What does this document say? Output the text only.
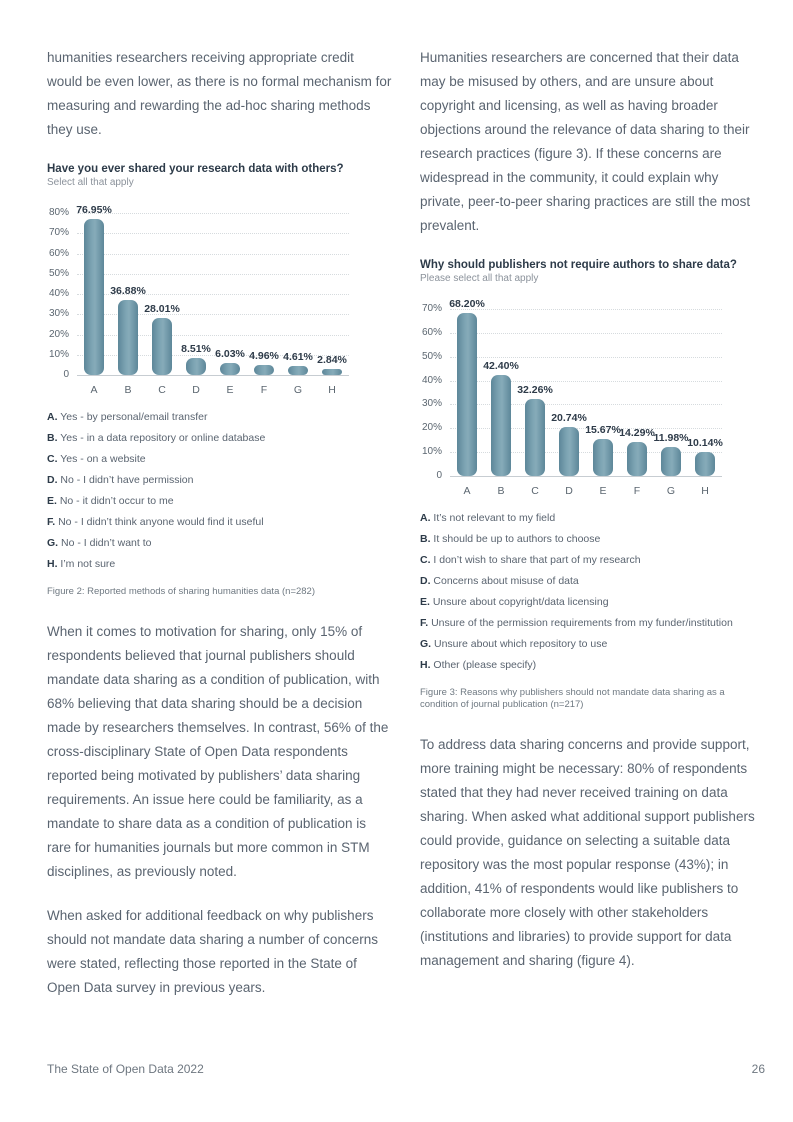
humanities researchers receiving appropriate credit would be even lower, as there is no formal mechanism for measuring and rewarding the ad-hoc sharing methods they use.

Have you ever shared your research data with others?
Select all that apply
76.95%
A
36.88%
B
28.01%
C
8.51%
D
6.03%
E
4.96%
F
4.61%
G
2.84%
H
0
10%
20%
30%
40%
50%
60%
70%
80%
A. Yes - by personal/email transfer
B. Yes - in a data repository or online database
C. Yes - on a website
D. No - I didn’t have permission
E. No - it didn’t occur to me
F. No - I didn’t think anyone would find it useful
G. No - I didn’t want to
H. I’m not sure
Figure 2: Reported methods of sharing humanities data (n=282)

When it comes to motivation for sharing, only 15% of respondents believed that journal publishers should mandate data sharing as a condition of publication, with 68% believing that data sharing should be a decision made by researchers themselves. In contrast, 56% of the cross-disciplinary State of Open Data respondents reported being motivated by publishers’ data sharing requirements. An issue here could be familiarity, as a mandate to share data as a condition of publication is rare for humanities journals but more common in STM disciplines, as previously noted.

When asked for additional feedback on why publishers should not mandate data sharing a number of concerns were stated, reflecting those reported in the State of Open Data survey in previous years.

Humanities researchers are concerned that their data may be misused by others, and are unsure about copyright and licensing, as well as having broader objections around the relevance of data sharing to their research practices (figure 3). If these concerns are widespread in the community, it could explain why private, peer-to-peer sharing practices are still the most prevalent.

Why should publishers not require authors to share data?
Please select all that apply
68.20%
A
42.40%
B
32.26%
C
20.74%
D
15.67%
E
14.29%
F
11.98%
G
10.14%
H
0
10%
20%
30%
40%
50%
60%
70%
A. It’s not relevant to my field
B. It should be up to authors to choose
C. I don’t wish to share that part of my research
D. Concerns about misuse of data
E. Unsure about copyright/data licensing
F. Unsure of the permission requirements from my funder/institution
G. Unsure about which repository to use
H. Other (please specify)
Figure 3: Reasons why publishers should not mandate data sharing as a condition of journal publication (n=217)

To address data sharing concerns and provide support, more training might be necessary: 80% of respondents stated that they had never received training on data sharing. When asked what additional support publishers could provide, guidance on selecting a suitable data repository was the most popular response (43%); in addition, 41% of respondents would like publishers to collaborate more closely with other stakeholders (institutions and libraries) to provide support for data management and sharing (figure 4).

The State of Open Data 2022	26
